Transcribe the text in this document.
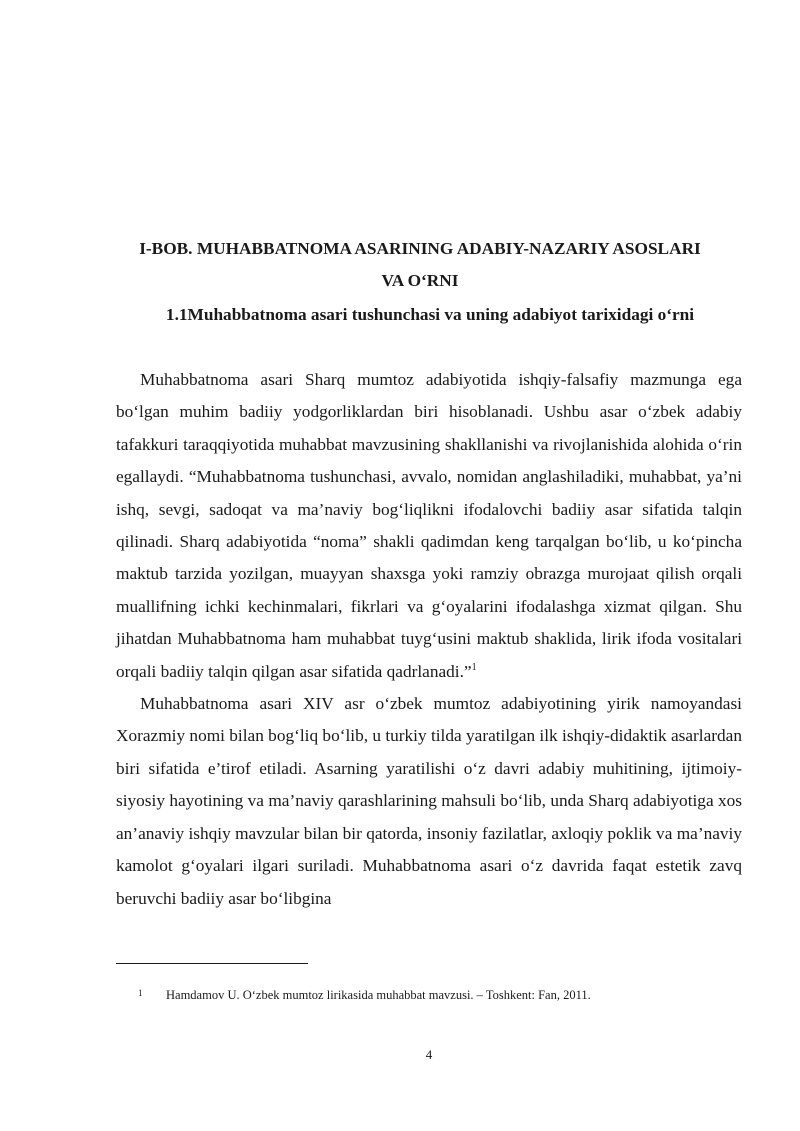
I-BOB. MUHABBATNOMA ASARINING ADABIY-NAZARIY ASOSLARI
VA O‘RNI
1.1Muhabbatnoma asari tushunchasi va uning adabiyot tarixidagi o‘rni

Muhabbatnoma asari Sharq mumtoz adabiyotida ishqiy-falsafiy mazmunga ega bo‘lgan muhim badiiy yodgorliklardan biri hisoblanadi. Ushbu asar o‘zbek adabiy tafakkuri taraqqiyotida muhabbat mavzusining shakllanishi va rivojlanishida alohida o‘rin egallaydi. “Muhabbatnoma tushunchasi, avvalo, nomidan anglashiladiki, muhabbat, ya’ni ishq, sevgi, sadoqat va ma’naviy bog‘liqlikni ifodalovchi badiiy asar sifatida talqin qilinadi. Sharq adabiyotida “noma” shakli qadimdan keng tarqalgan bo‘lib, u ko‘pincha maktub tarzida yozilgan, muayyan shaxsga yoki ramziy obrazga murojaat qilish orqali muallifning ichki kechinmalari, fikrlari va g‘oyalarini ifodalashga xizmat qilgan. Shu jihatdan Muhabbatnoma ham muhabbat tuyg‘usini maktub shaklida, lirik ifoda vositalari orqali badiiy talqin qilgan asar sifatida qadrlanadi.”$^1$

Muhabbatnoma asari XIV asr o‘zbek mumtoz adabiyotining yirik namoyandasi Xorazmiy nomi bilan bog‘liq bo‘lib, u turkiy tilda yaratilgan ilk ishqiy-didaktik asarlardan biri sifatida e’tirof etiladi. Asarning yaratilishi o‘z davri adabiy muhitining, ijtimoiy-siyosiy hayotining va ma’naviy qarashlarining mahsuli bo‘lib, unda Sharq adabiyotiga xos an’anaviy ishqiy mavzular bilan bir qatorda, insoniy fazilatlar, axloqiy poklik va ma’naviy kamolot g‘oyalari ilgari suriladi. Muhabbatnoma asari o‘z davrida faqat estetik zavq beruvchi badiiy asar bo‘libgina

1 Hamdamov U. O‘zbek mumtoz lirikasida muhabbat mavzusi. – Toshkent: Fan, 2011.
4
